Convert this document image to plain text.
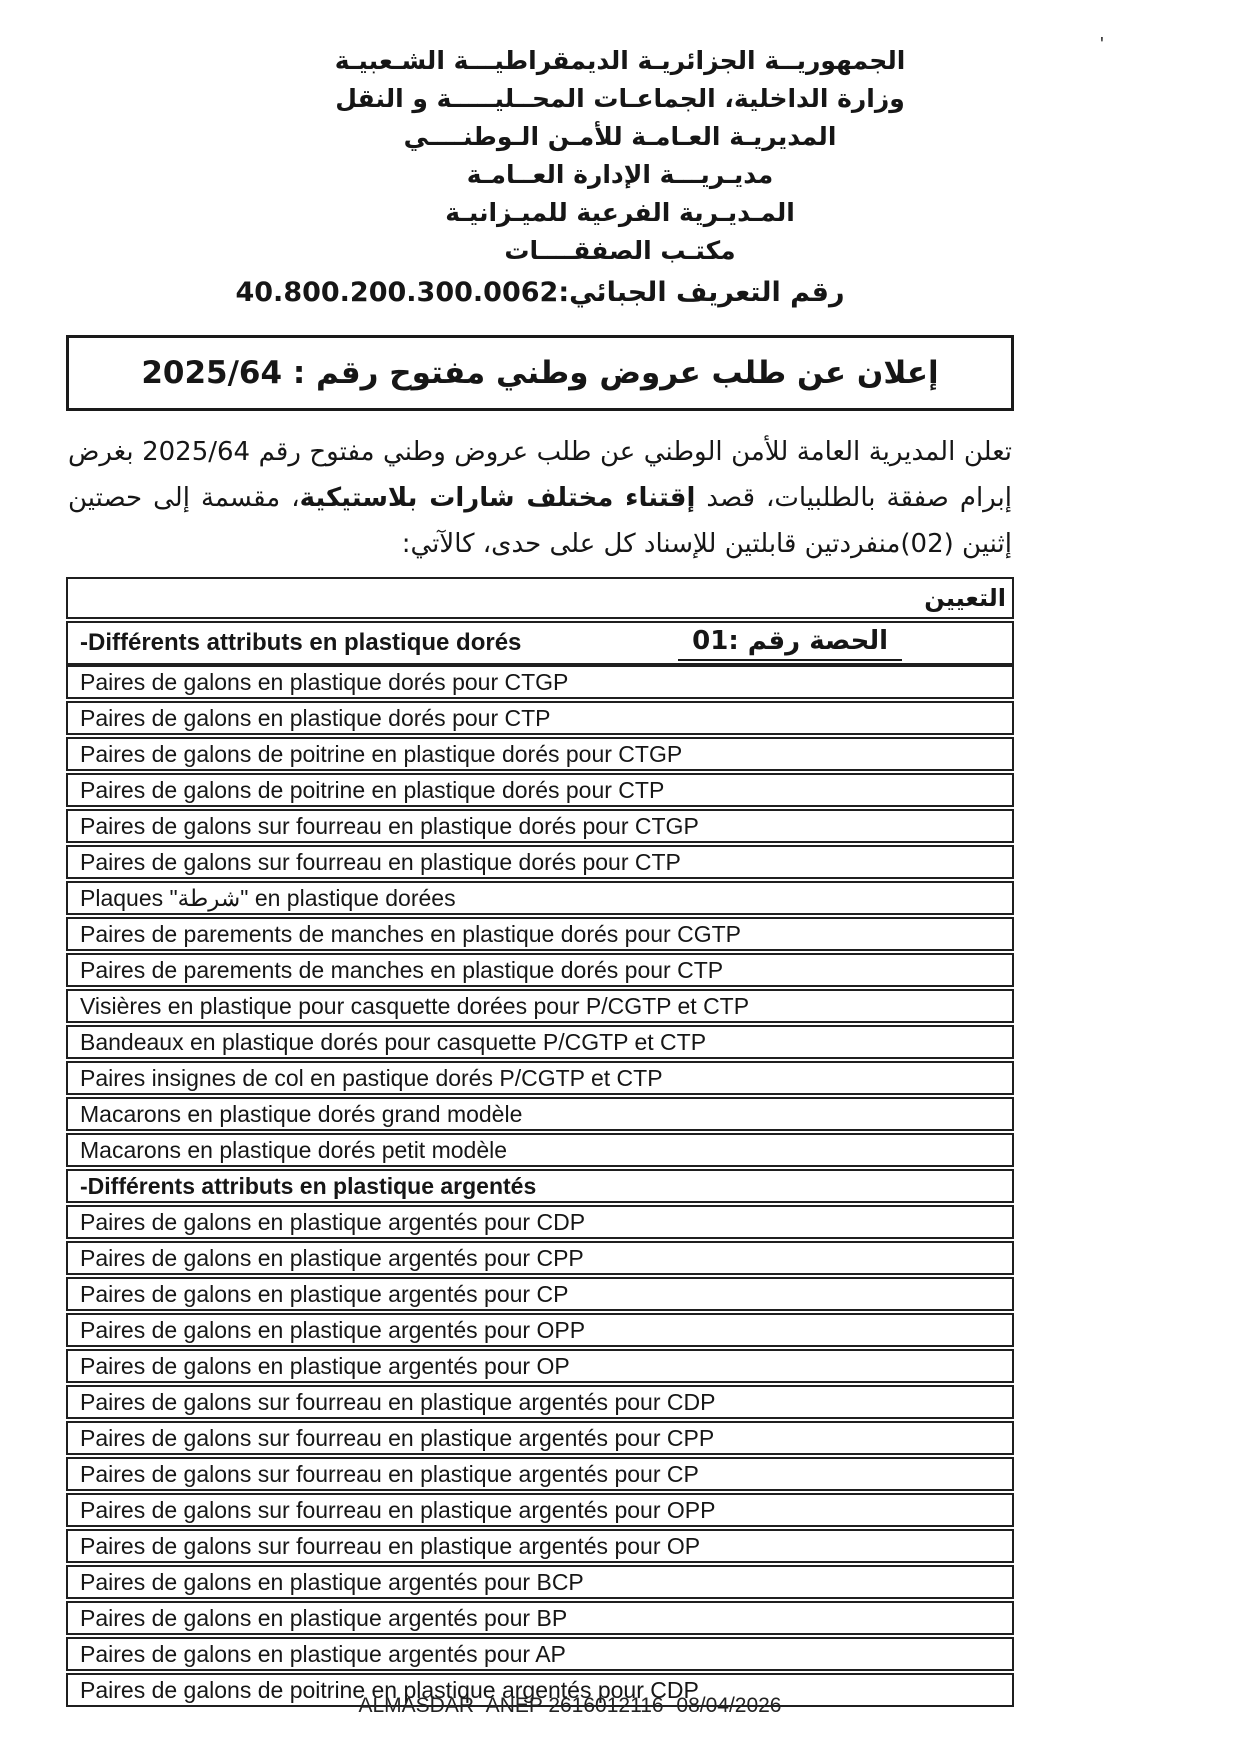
'
الجمهوريــة الجزائريـة الديمقراطيـــة الشـعبيـة
وزارة الداخلية، الجماعـات المحــليـــــة و النقل
المديريـة العـامـة للأمـن الـوطنــــي
مديـريـــة الإدارة العــامـة
المـديـرية الفرعية للميـزانيـة
مكتـب الصفقــــات
رقم التعريف الجبائي:40.800.200.300.0062
إعلان عن طلب عروض وطني مفتوح رقم : 2025/64

تعلن المديرية العامة للأمن الوطني عن طلب عروض وطني مفتوح رقم 2025/64 بغرض إبرام صفقة بالطلبيات، قصد إقتناء مختلف شارات بلاستيكية، مقسمة إلى حصتين إثنين (02)منفردتين قابلتين للإسناد كل على حدى، كالآتي:

التعيين
-Différents attributs en plastique dorés	الحصة رقم :01
Paires de galons en plastique dorés pour CTGP
Paires de galons en plastique dorés pour CTP
Paires de galons de poitrine en plastique dorés pour CTGP
Paires de galons de poitrine en plastique dorés pour CTP
Paires de galons sur fourreau en plastique dorés pour CTGP
Paires de galons sur fourreau en plastique dorés pour CTP
Plaques "شرطة" en plastique dorées
Paires de parements de manches en plastique dorés pour CGTP
Paires de parements de manches en plastique dorés pour CTP
Visières en plastique pour casquette dorées pour P/CGTP et CTP
Bandeaux en plastique dorés pour casquette P/CGTP et CTP
Paires insignes de col en pastique dorés P/CGTP et CTP
Macarons en plastique dorés grand modèle
Macarons en plastique dorés petit modèle
-Différents attributs en plastique argentés
Paires de galons en plastique argentés pour CDP
Paires de galons en plastique argentés pour CPP
Paires de galons en plastique argentés pour CP
Paires de galons en plastique argentés pour OPP
Paires de galons en plastique argentés pour OP
Paires de galons sur fourreau en plastique argentés pour CDP
Paires de galons sur fourreau en plastique argentés pour CPP
Paires de galons sur fourreau en plastique argentés pour CP
Paires de galons sur fourreau en plastique argentés pour OPP
Paires de galons sur fourreau en plastique argentés pour OP
Paires de galons en plastique argentés pour BCP
Paires de galons en plastique argentés pour BP
Paires de galons en plastique argentés pour AP
Paires de galons de poitrine en plastique argentés pour CDP
ALMASDAR- ANEP 2616012116- 08/04/2026
